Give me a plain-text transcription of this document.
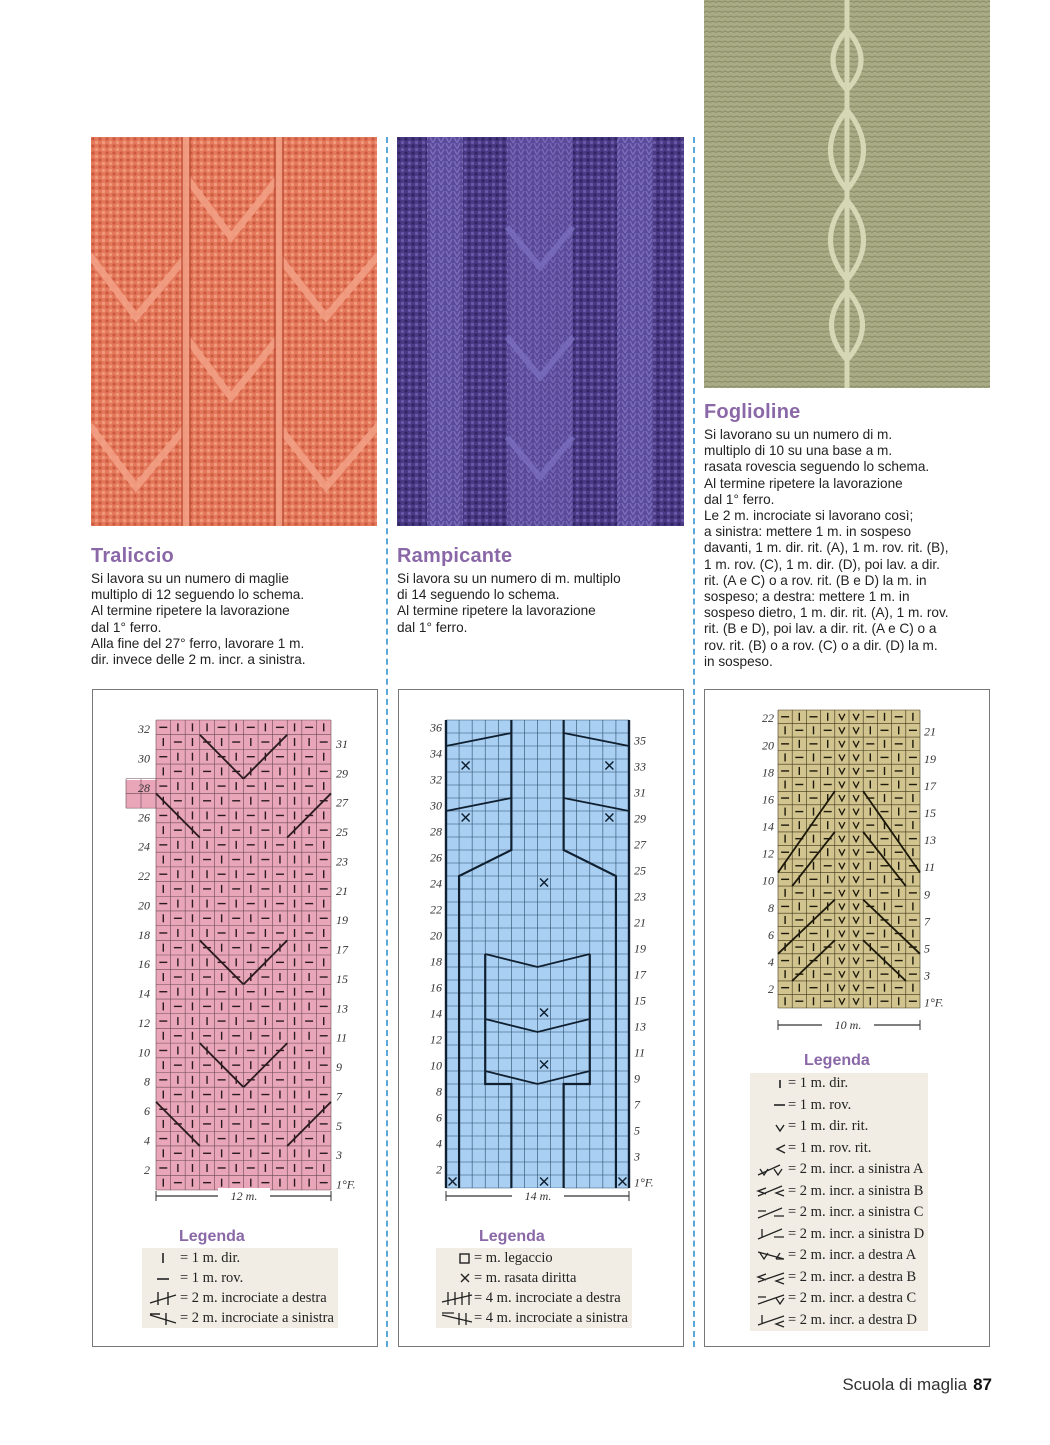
Traliccio

Si lavora su un numero di maglie

multiplo di 12 seguendo lo schema.

Al termine ripetere la lavorazione

dal 1° ferro.

Alla fine del 27° ferro, lavorare 1 m.

dir. invece delle 2 m. incr. a sinistra.

Rampicante

Si lavora su un numero di m. multiplo

di 14 seguendo lo schema.

Al termine ripetere la lavorazione

dal 1° ferro.

Foglioline

Si lavorano su un numero di m.

multiplo di 10 su una base a m.

rasata rovescia seguendo lo schema.

Al termine ripetere la lavorazione

dal 1° ferro.

Le 2 m. incrociate si lavorano così;

a sinistra: mettere 1 m. in sospeso

davanti, 1 m. dir. rit. (A), 1 m. rov. rit. (B),

1 m. rov. (C), 1 m. dir. (D), poi lav. a dir.

rit. (A e C) o a rov. rit. (B e D) la m. in

sospeso; a destra: mettere 1 m. in

sospeso dietro, 1 m. dir. rit. (A), 1 m. rov.

rit. (B e D), poi lav. a dir. rit. (A e C) o a

rov. rit. (B) o a rov. (C) o a dir. (D) la m.

in sospeso.

32
30
28
26
24
22
20
18
16
14
12
10
8
6
4
2
31
29
27
25
23
21
19
17
15
13
11
9
7
5
3
1°F.
12 m.
36
34
32
30
28
26
24
22
20
18
16
14
12
10
8
6
4
2
35
33
31
29
27
25
23
21
19
17
15
13
11
9
7
5
3
1°F.
14 m.
22
20
18
16
14
12
10
8
6
4
2
21
19
17
15
13
11
9
7
5
3
1°F.
10 m.
Legenda
= 1 m. dir.
= 1 m. rov.
= 2 m. incrociate a destra
= 2 m. incrociate a sinistra
Legenda
= m. legaccio
= m. rasata diritta
= 4 m. incrociate a destra
= 4 m. incrociate a sinistra
Legenda
= 1 m. dir.
= 1 m. rov.
= 1 m. dir. rit.
= 1 m. rov. rit.
= 2 m. incr. a sinistra A
= 2 m. incr. a sinistra B
= 2 m. incr. a sinistra C
= 2 m. incr. a sinistra D
= 2 m. incr. a destra A
= 2 m. incr. a destra B
= 2 m. incr. a destra C
= 2 m. incr. a destra D
Scuola di maglia 87
